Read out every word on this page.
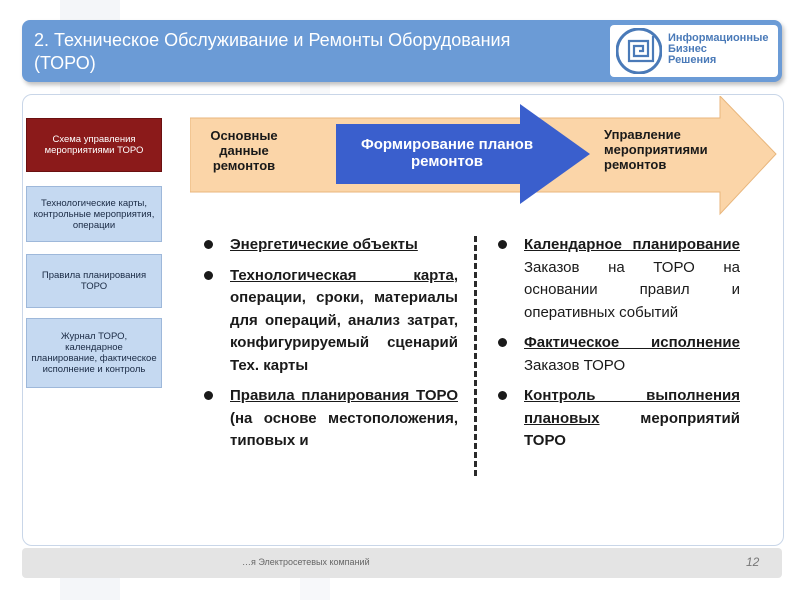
2. Техническое Обслуживание и Ремонты Оборудования (ТОРО)
Информационные
Бизнес
Решения
Схема управления мероприятиями ТОРО
Технологические карты, контрольные мероприятия, операции
Правила планирования ТОРО
Журнал ТОРО, календарное планирование, фактическое исполнение и контроль
Основные данные ремонтов
Формирование планов ремонтов
Управление мероприятиями ремонтов
Энергетические объекты
Технологическая карта, операции, сроки, материалы для операций, анализ затрат, конфигурируемый сценарий Тех. карты
Правила планирования ТОРО (на основе местоположения, типовых и
Календарное планирование Заказов на ТОРО на основании правил и оперативных событий
Фактическое исполнение Заказов ТОРО
Контроль выполнения плановых мероприятий ТОРО
…я Электросетевых компаний	12
